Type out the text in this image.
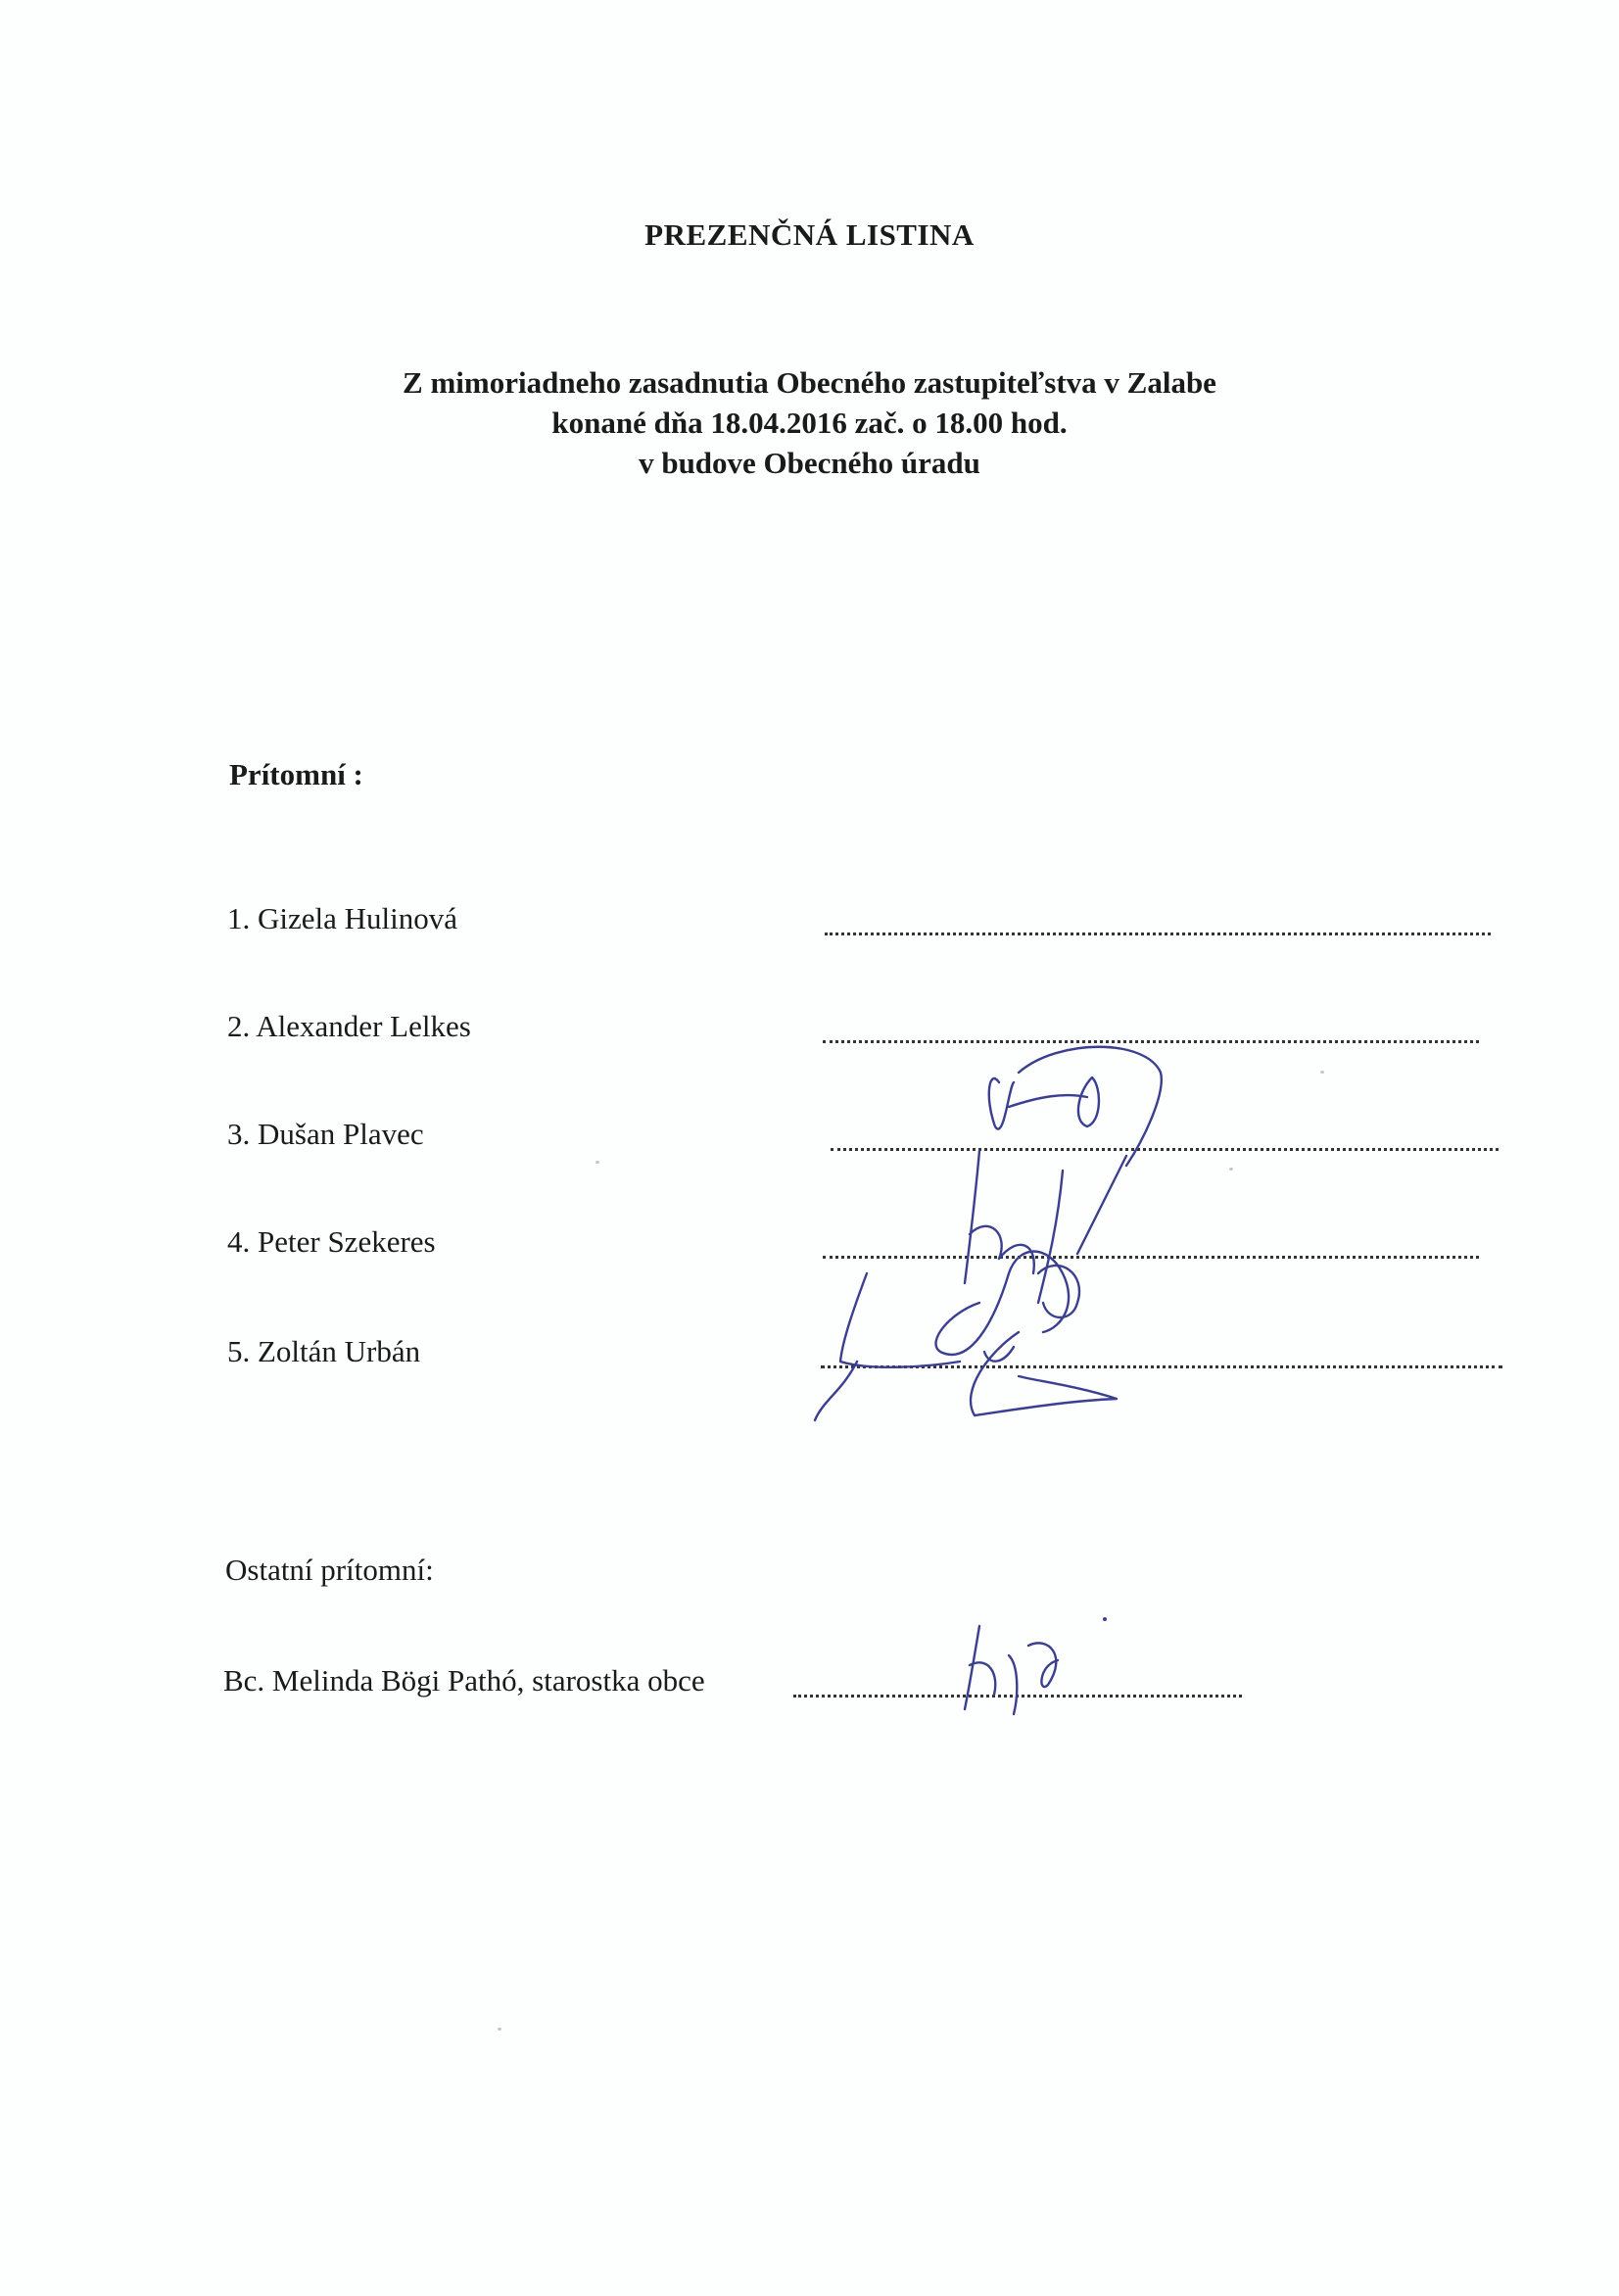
PREZENČNÁ LISTINA
Z mimoriadneho zasadnutia Obecného zastupiteľstva v Zalabe
konané dňa 18.04.2016 zač. o 18.00 hod.
v budove Obecného úradu
Prítomní :
1. Gizela Hulinová
2. Alexander Lelkes
3. Dušan Plavec
4. Peter Szekeres
5. Zoltán Urbán
Ostatní prítomní:
Bc. Melinda Bögi Pathó, starostka obce
